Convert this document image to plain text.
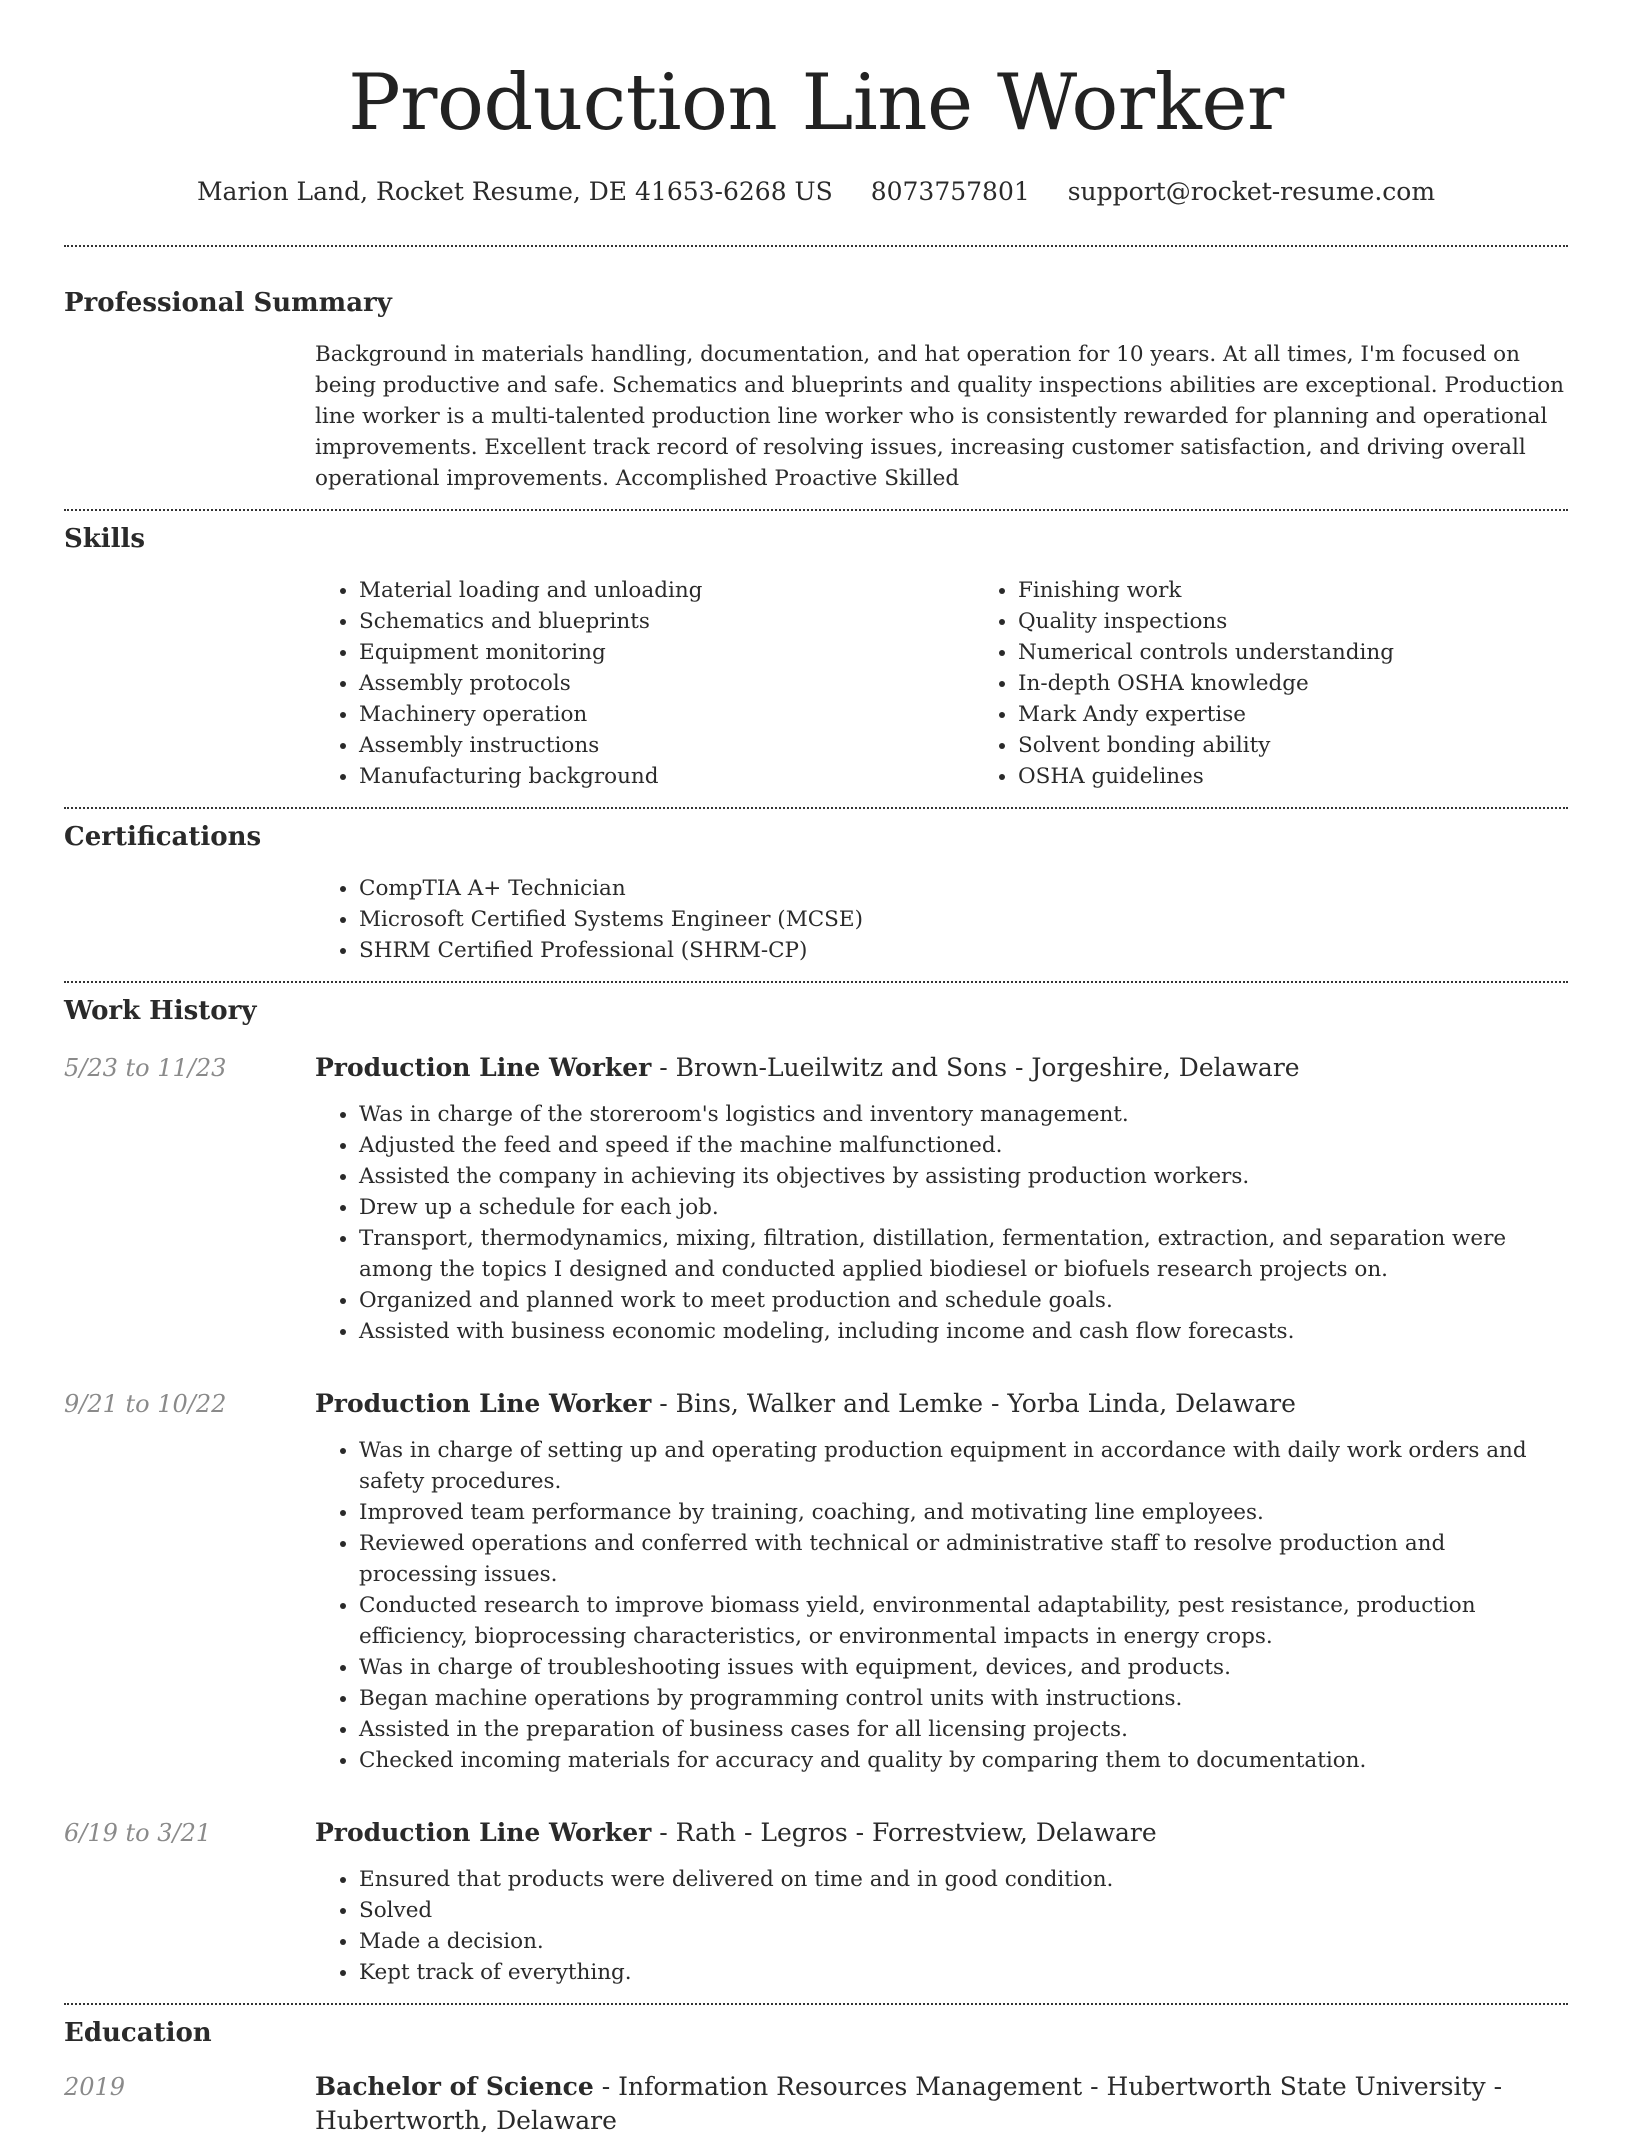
Production Line Worker
Marion Land, Rocket Resume, DE 41653-6268 US 8073757801 support@rocket-resume.com
Professional Summary
Background in materials handling, documentation, and hat operation for 10 years. At all times, I'm focused on being productive and safe. Schematics and blueprints and quality inspections abilities are exceptional. Production line worker is a multi-talented production line worker who is consistently rewarded for planning and operational improvements. Excellent track record of resolving issues, increasing customer satisfaction, and driving overall operational improvements. Accomplished Proactive Skilled
Skills
• Material loading and unloading
• Schematics and blueprints
• Equipment monitoring
• Assembly protocols
• Machinery operation
• Assembly instructions
• Manufacturing background
• Finishing work
• Quality inspections
• Numerical controls understanding
• In-depth OSHA knowledge
• Mark Andy expertise
• Solvent bonding ability
• OSHA guidelines
Certifications
• CompTIA A+ Technician
• Microsoft Certified Systems Engineer (MCSE)
• SHRM Certified Professional (SHRM-CP)
Work History
5/23 to 11/23	Production Line Worker - Brown-Lueilwitz and Sons - Jorgeshire, Delaware
• Was in charge of the storeroom's logistics and inventory management.
• Adjusted the feed and speed if the machine malfunctioned.
• Assisted the company in achieving its objectives by assisting production workers.
• Drew up a schedule for each job.
• Transport, thermodynamics, mixing, filtration, distillation, fermentation, extraction, and separation were among the topics I designed and conducted applied biodiesel or biofuels research projects on.
• Organized and planned work to meet production and schedule goals.
• Assisted with business economic modeling, including income and cash flow forecasts.
9/21 to 10/22	Production Line Worker - Bins, Walker and Lemke - Yorba Linda, Delaware
• Was in charge of setting up and operating production equipment in accordance with daily work orders and safety procedures.
• Improved team performance by training, coaching, and motivating line employees.
• Reviewed operations and conferred with technical or administrative staff to resolve production and processing issues.
• Conducted research to improve biomass yield, environmental adaptability, pest resistance, production efficiency, bioprocessing characteristics, or environmental impacts in energy crops.
• Was in charge of troubleshooting issues with equipment, devices, and products.
• Began machine operations by programming control units with instructions.
• Assisted in the preparation of business cases for all licensing projects.
• Checked incoming materials for accuracy and quality by comparing them to documentation.
6/19 to 3/21	Production Line Worker - Rath - Legros - Forrestview, Delaware
• Ensured that products were delivered on time and in good condition.
• Solved
• Made a decision.
• Kept track of everything.
Education
2019	Bachelor of Science - Information Resources Management - Hubertworth State University - Hubertworth, Delaware
